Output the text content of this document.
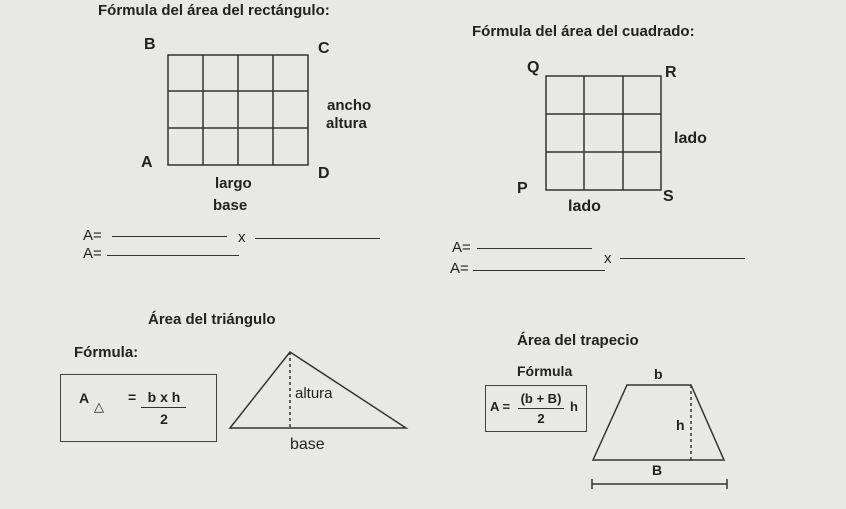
Fórmula del área del rectángulo:
B	C
A
D
ancho
altura
largo
base
A=	x
A=
Fórmula del área del cuadrado:
Q	R
P	S
lado
lado
A=
x
A=
Área del triángulo
Fórmula:
A
△
= b x h
2
altura
base
Área del trapecio
Fórmula
A =
(b + B)
2
h
b
h
B
